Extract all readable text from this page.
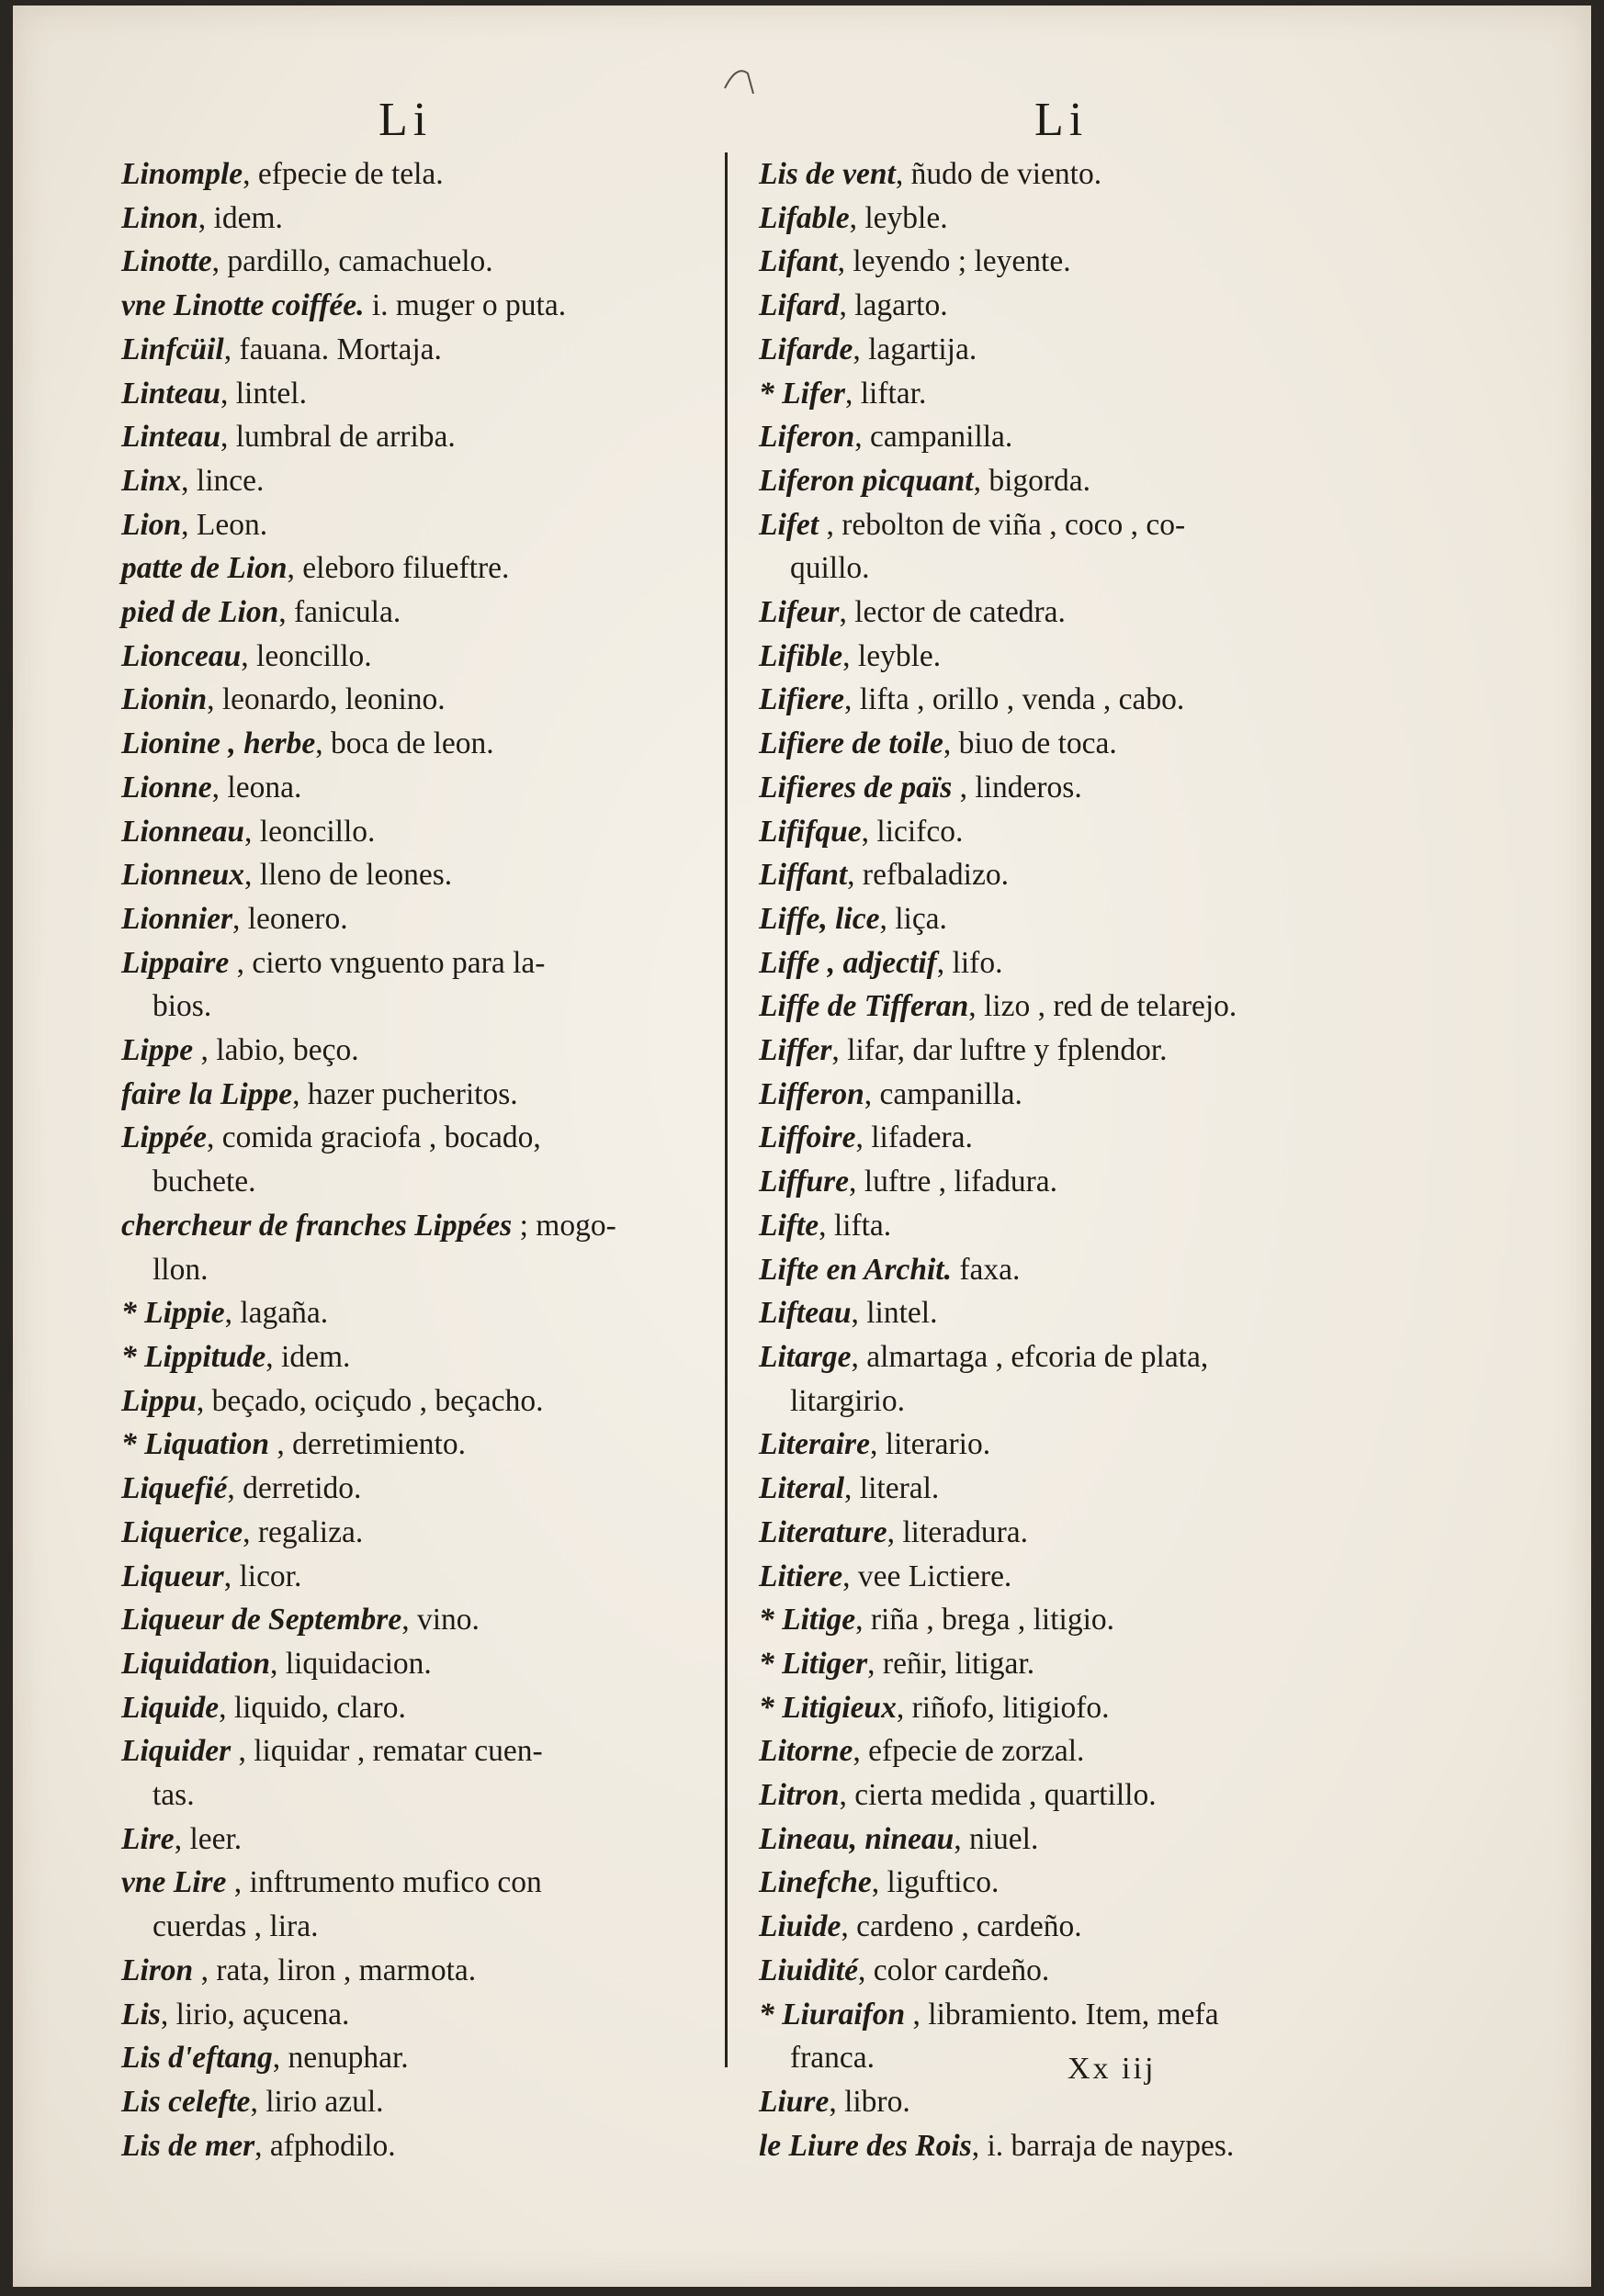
Li	Li
Linomple, efpecie de tela.
Linon, idem.
Linotte, pardillo, camachuelo.
vne Linotte coiffée. i. muger o puta.
Linfcüil, fauana. Mortaja.
Linteau, lintel.
Linteau, lumbral de arriba.
Linx, lince.
Lion, Leon.
patte de Lion, eleboro filueftre.
pied de Lion, fanicula.
Lionceau, leoncillo.
Lionin, leonardo, leonino.
Lionine , herbe, boca de leon.
Lionne, leona.
Lionneau, leoncillo.
Lionneux, lleno de leones.
Lionnier, leonero.
Lippaire , cierto vnguento para la-
bios.
Lippe , labio, beço.
faire la Lippe, hazer pucheritos.
Lippée, comida graciofa , bocado,
buchete.
chercheur de franches Lippées ; mogo-
llon.
* Lippie, lagaña.
* Lippitude, idem.
Lippu, beçado, ociçudo , beçacho.
* Liquation , derretimiento.
Liquefié, derretido.
Liquerice, regaliza.
Liqueur, licor.
Liqueur de Septembre, vino.
Liquidation, liquidacion.
Liquide, liquido, claro.
Liquider , liquidar , rematar cuen-
tas.
Lire, leer.
vne Lire , inftrumento mufico con
cuerdas , lira.
Liron , rata, liron , marmota.
Lis, lirio, açucena.
Lis d'eftang, nenuphar.
Lis celefte, lirio azul.
Lis de mer, afphodilo.
Lis de vent, ñudo de viento.
Lifable, leyble.
Lifant, leyendo ; leyente.
Lifard, lagarto.
Lifarde, lagartija.
* Lifer, liftar.
Liferon, campanilla.
Liferon picquant, bigorda.
Lifet , rebolton de viña , coco , co-
quillo.
Lifeur, lector de catedra.
Lifible, leyble.
Lifiere, lifta , orillo , venda , cabo.
Lifiere de toile, biuo de toca.
Lifieres de païs , linderos.
Lififque, licifco.
Liffant, refbaladizo.
Liffe, lice, liça.
Liffe , adjectif, lifo.
Liffe de Tifferan, lizo , red de telarejo.
Liffer, lifar, dar luftre y fplendor.
Lifferon, campanilla.
Liffoire, lifadera.
Liffure, luftre , lifadura.
Lifte, lifta.
Lifte en Archit. faxa.
Lifteau, lintel.
Litarge, almartaga , efcoria de plata,
litargirio.
Literaire, literario.
Literal, literal.
Literature, literadura.
Litiere, vee Lictiere.
* Litige, riña , brega , litigio.
* Litiger, reñir, litigar.
* Litigieux, riñofo, litigiofo.
Litorne, efpecie de zorzal.
Litron, cierta medida , quartillo.
Lineau, nineau, niuel.
Linefche, liguftico.
Liuide, cardeno , cardeño.
Liuidité, color cardeño.
* Liuraifon , libramiento. Item, mefa
franca.
Liure, libro.
le Liure des Rois, i. barraja de naypes.
Xx iij
